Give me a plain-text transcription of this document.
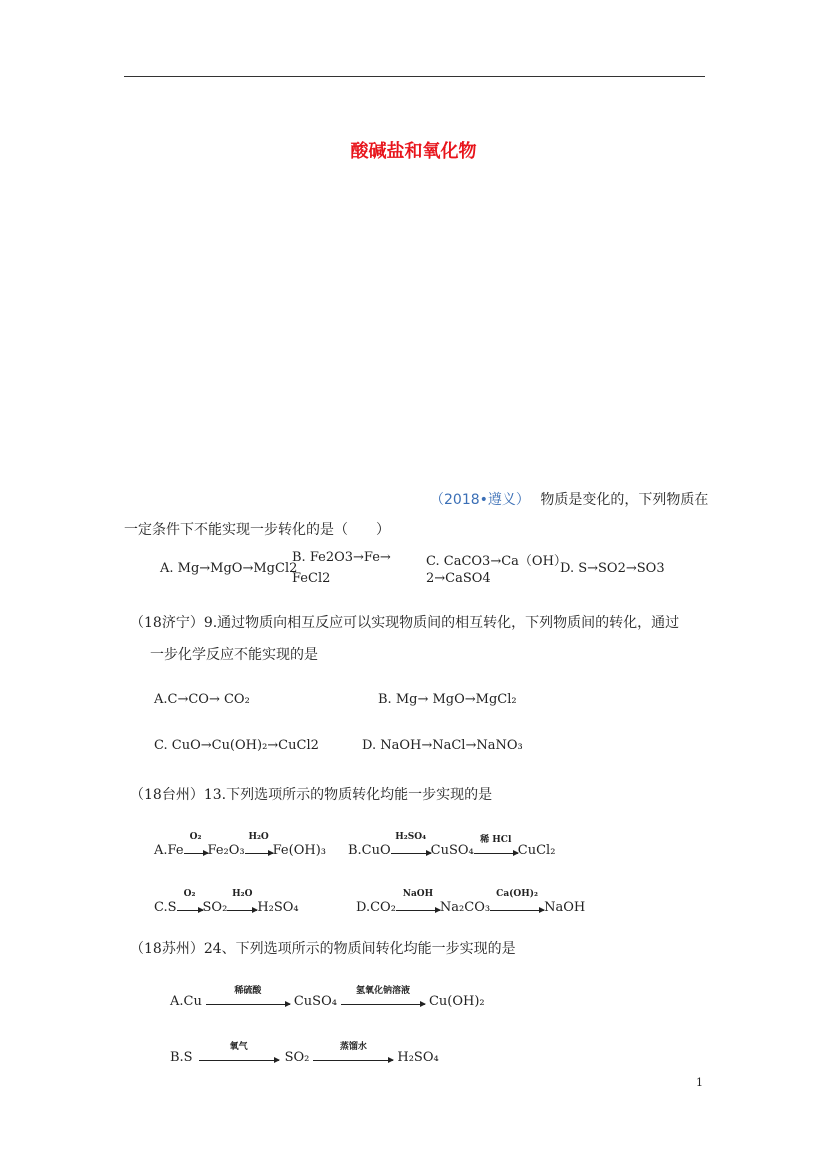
酸碱盐和氧化物
（2018•遵义） 物质是变化的，下列物质在
一定条件下不能实现一步转化的是（　　）
A. Mg→MgO→MgCl2
B. Fe2O3→Fe→
FeCl2
C. CaCO3→Ca（OH）
2→CaSO4
D. S→SO2→SO3
（18济宁）9.通过物质向相互反应可以实现物质间的相互转化，下列物质间的转化，通过
一步化学反应不能实现的是
A.C→CO→ CO₂	B. Mg→ MgO→MgCl₂
C. CuO→Cu(OH)₂→CuCl2	D. NaOH→NaCl→NaNO₃
（18台州）13.下列选项所示的物质转化均能一步实现的是
A.Fe
O₂
Fe₂O₃
H₂O
Fe(OH)₃ B.CuO
H₂SO₄
CuSO₄
稀 HCl
CuCl₂
C.S
O₂
SO₂
H₂O
H₂SO₄	D.CO₂
NaOH
Na₂CO₃
Ca(OH)₂
NaOH
（18苏州）24、下列选项所示的物质间转化均能一步实现的是
A.Cu
稀硫酸
CuSO₄
氢氧化钠溶液
Cu(OH)₂
B.S
氧气
SO₂
蒸馏水
H₂SO₄
1
